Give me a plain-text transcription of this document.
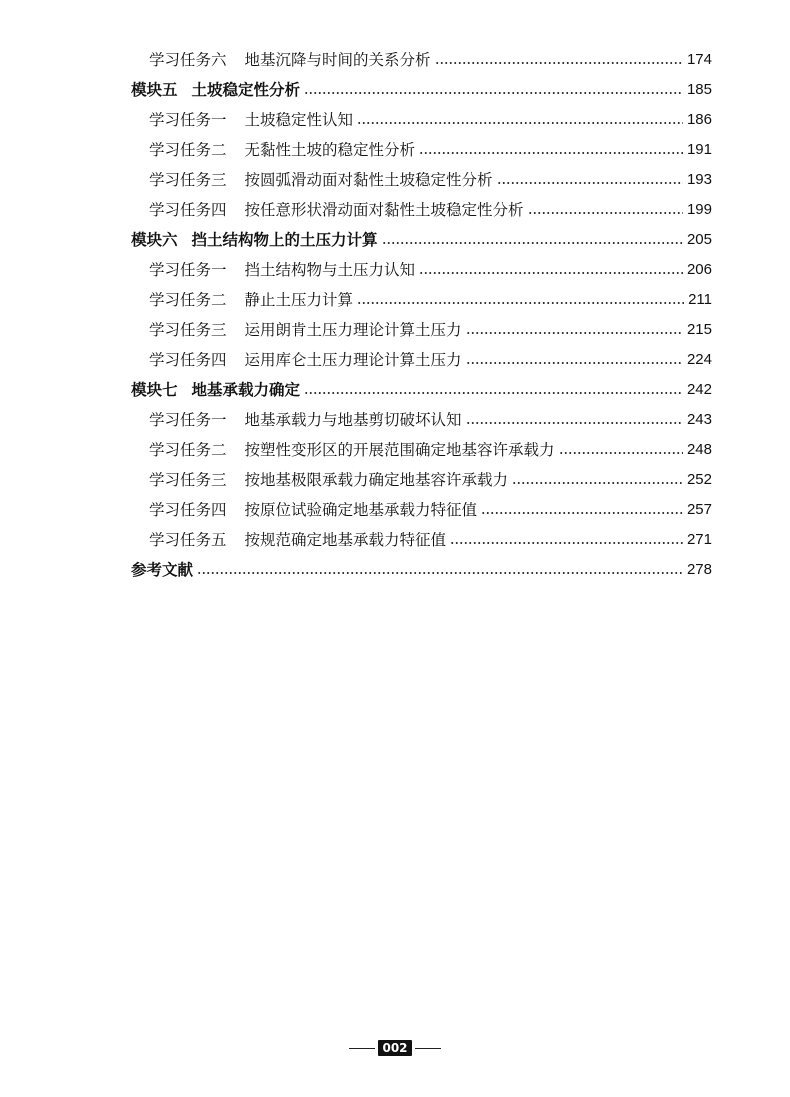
学习任务六 地基沉降与时间的关系分析	174
模块五 土坡稳定性分析	185
学习任务一 土坡稳定性认知	186
学习任务二 无黏性土坡的稳定性分析	191
学习任务三 按圆弧滑动面对黏性土坡稳定性分析	193
学习任务四 按任意形状滑动面对黏性土坡稳定性分析	199
模块六 挡土结构物上的土压力计算	205
学习任务一 挡土结构物与土压力认知	206
学习任务二 静止土压力计算	211
学习任务三 运用朗肯土压力理论计算土压力	215
学习任务四 运用库仑土压力理论计算土压力	224
模块七 地基承载力确定	242
学习任务一 地基承载力与地基剪切破坏认知	243
学习任务二 按塑性变形区的开展范围确定地基容许承载力	248
学习任务三 按地基极限承载力确定地基容许承载力	252
学习任务四 按原位试验确定地基承载力特征值	257
学习任务五 按规范确定地基承载力特征值	271
参考文献	278
002
